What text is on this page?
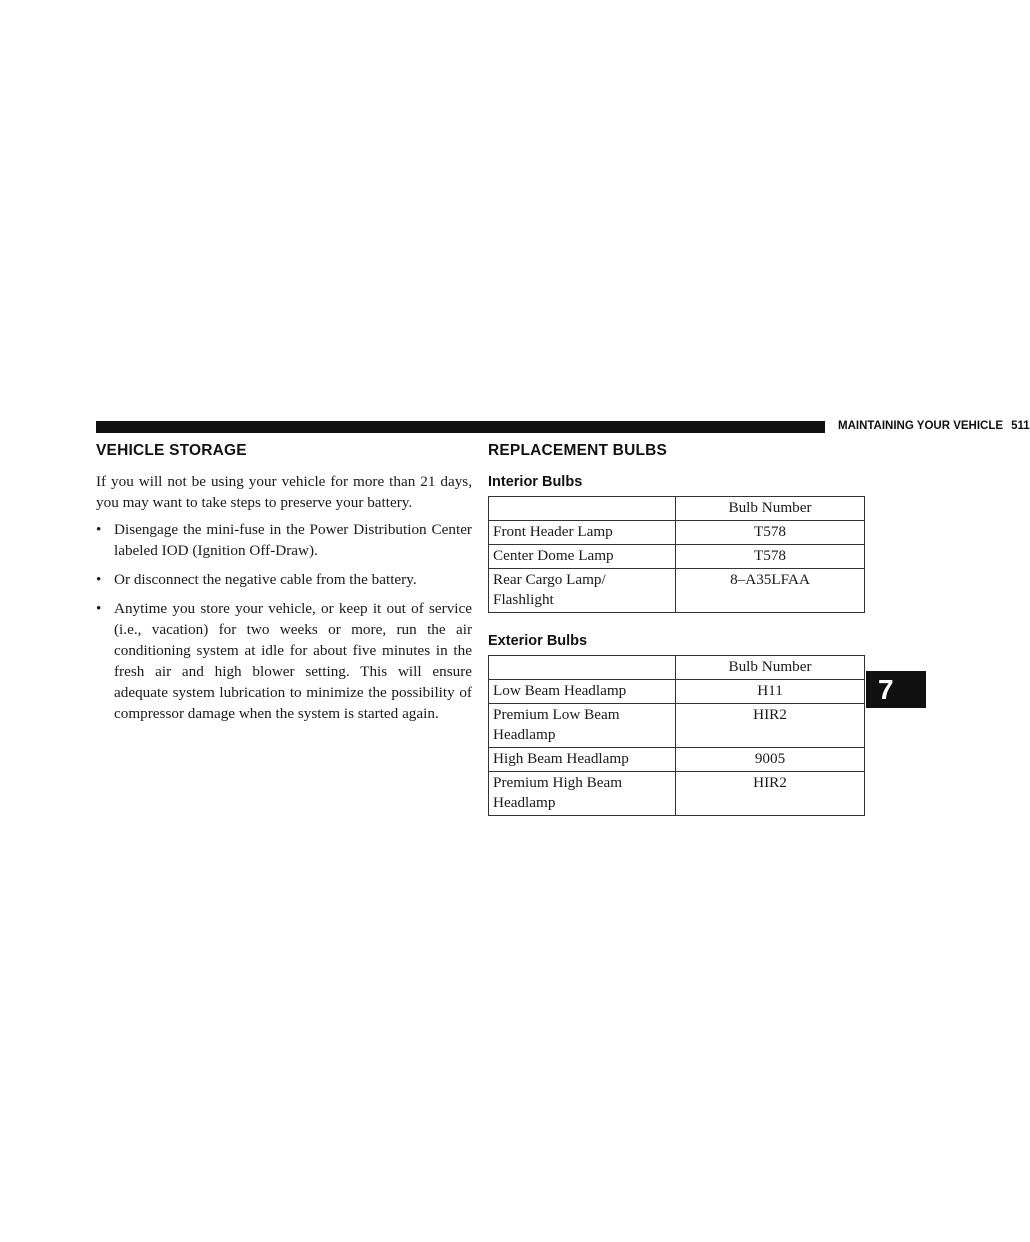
MAINTAINING YOUR VEHICLE 511
7
VEHICLE STORAGE

If you will not be using your vehicle for more than 21 days, you may want to take steps to preserve your battery.

• Disengage the mini-fuse in the Power Distribution Center labeled IOD (Ignition Off-Draw).
• Or disconnect the negative cable from the battery.
• Anytime you store your vehicle, or keep it out of service (i.e., vacation) for two weeks or more, run the air conditioning system at idle for about five minutes in the fresh air and high blower setting. This will ensure adequate system lubrication to minimize the possibility of compressor damage when the system is started again.
REPLACEMENT BULBS
Interior Bulbs
	Bulb Number
Front Header Lamp	T578
Center Dome Lamp	T578
Rear Cargo Lamp/
Flashlight	8–A35LFAA
Exterior Bulbs
	Bulb Number
Low Beam Headlamp	H11
Premium Low Beam
Headlamp	HIR2
High Beam Headlamp	9005
Premium High Beam
Headlamp	HIR2
